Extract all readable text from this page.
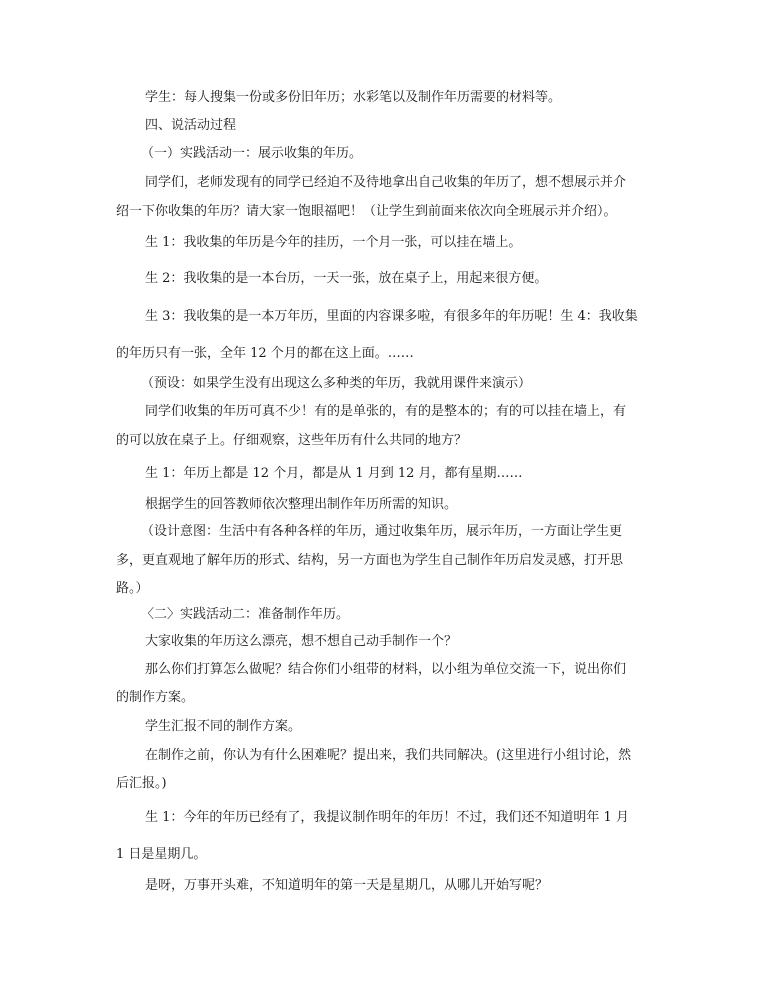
学生：每人搜集一份或多份旧年历；水彩笔以及制作年历需要的材料等。
四、说活动过程
（一）实践活动一：展示收集的年历。
同学们，老师发现有的同学已经迫不及待地拿出自己收集的年历了，想不想展示并介
绍一下你收集的年历？请大家一饱眼福吧！（让学生到前面来依次向全班展示并介绍）。
生 1：我收集的年历是今年的挂历，一个月一张，可以挂在墙上。
生 2：我收集的是一本台历，一天一张，放在桌子上，用起来很方便。
生 3：我收集的是一本万年历，里面的内容课多啦，有很多年的年历呢！生 4：我收集
的年历只有一张，全年 12 个月的都在这上面。……
（预设：如果学生没有出现这么多种类的年历，我就用课件来演示）
同学们收集的年历可真不少！有的是单张的，有的是整本的；有的可以挂在墙上，有
的可以放在桌子上。仔细观察，这些年历有什么共同的地方？
生 1：年历上都是 12 个月，都是从 1 月到 12 月，都有星期……
根据学生的回答教师依次整理出制作年历所需的知识。
（设计意图：生活中有各种各样的年历，通过收集年历，展示年历，一方面让学生更
多，更直观地了解年历的形式、结构，另一方面也为学生自己制作年历启发灵感，打开思
路。）
〈二〉实践活动二：准备制作年历。
大家收集的年历这么漂亮，想不想自己动手制作一个？
那么你们打算怎么做呢？结合你们小组带的材料，以小组为单位交流一下，说出你们
的制作方案。
学生汇报不同的制作方案。
在制作之前，你认为有什么困难呢？提出来，我们共同解决。(这里进行小组讨论，然
后汇报。)
生 1：今年的年历已经有了，我提议制作明年的年历！不过，我们还不知道明年 1 月
1 日是星期几。
是呀，万事开头难，不知道明年的第一天是星期几，从哪儿开始写呢？
